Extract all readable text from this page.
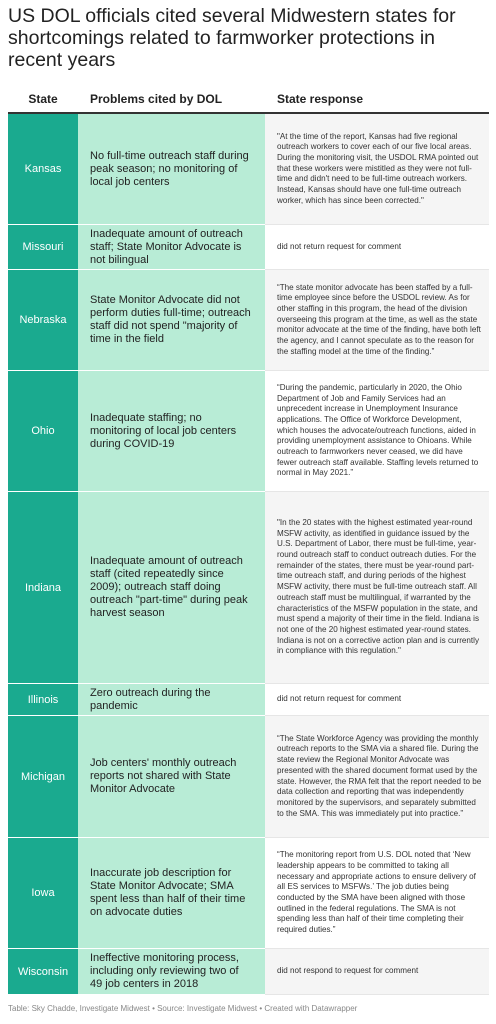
US DOL officials cited several Midwestern states for shortcomings related to farmworker protections in recent years
State	Problems cited by DOL	State response
Kansas
No full-time outreach staff during peak season; no monitoring of local job centers
"At the time of the report, Kansas had five regional outreach workers to cover each of our five local areas. During the monitoring visit, the USDOL RMA pointed out that these workers were mistitled as they were not full-time and didn't need to be full-time outreach workers. Instead, Kansas should have one full-time outreach worker, which has since been corrected."
Missouri
Inadequate amount of outreach staff; State Monitor Advocate is not bilingual
did not return request for comment
Nebraska
State Monitor Advocate did not perform duties full-time; outreach staff did not spend "majority of time in the field
“The state monitor advocate has been staffed by a full-time employee since before the USDOL review. As for other staffing in this program, the head of the division overseeing this program at the time, as well as the state monitor advocate at the time of the finding, have both left the agency, and I cannot speculate as to the reason for the staffing model at the time of the finding.”
Ohio
Inadequate staffing; no monitoring of local job centers during COVID-19
“During the pandemic, particularly in 2020, the Ohio Department of Job and Family Services had an unprecedent increase in Unemployment Insurance applications. The Office of Workforce Development, which houses the advocate/outreach functions, aided in providing unemployment assistance to Ohioans. While outreach to farmworkers never ceased, we did have fewer outreach staff available. Staffing levels returned to normal in May 2021.”
Indiana
Inadequate amount of outreach staff (cited repeatedly since 2009); outreach staff doing outreach "part-time" during peak harvest season
"In the 20 states with the highest estimated year-round MSFW activity, as identified in guidance issued by the U.S. Department of Labor, there must be full-time, year-round outreach staff to conduct outreach duties. For the remainder of the states, there must be year-round part-time outreach staff, and during periods of the highest MSFW activity, there must be full-time outreach staff. All outreach staff must be multilingual, if warranted by the characteristics of the MSFW population in the state, and must spend a majority of their time in the field. Indiana is not one of the 20 highest estimated year-round states. Indiana is not on a corrective action plan and is currently in compliance with this regulation."
Illinois
Zero outreach during the pandemic
did not return request for comment
Michigan
Job centers' monthly outreach reports not shared with State Monitor Advocate
“The State Workforce Agency was providing the monthly outreach reports to the SMA via a shared file. During the state review the Regional Monitor Advocate was presented with the shared document format used by the state. However, the RMA felt that the report needed to be data collection and reporting that was independently monitored by the supervisors, and separately submitted to the SMA. This was immediately put into practice.”
Iowa
Inaccurate job description for State Monitor Advocate; SMA spent less than half of their time on advocate duties
“The monitoring report from U.S. DOL noted that ‘New leadership appears to be committed to taking all necessary and appropriate actions to ensure delivery of all ES services to MSFWs.’ The job duties being conducted by the SMA have been aligned with those outlined in the federal regulations. The SMA is not spending less than half of their time completing their required duties.”
Wisconsin
Ineffective monitoring process, including only reviewing two of 49 job centers in 2018
did not respond to request for comment
Table: Sky Chadde, Investigate Midwest • Source: Investigate Midwest • Created with Datawrapper
